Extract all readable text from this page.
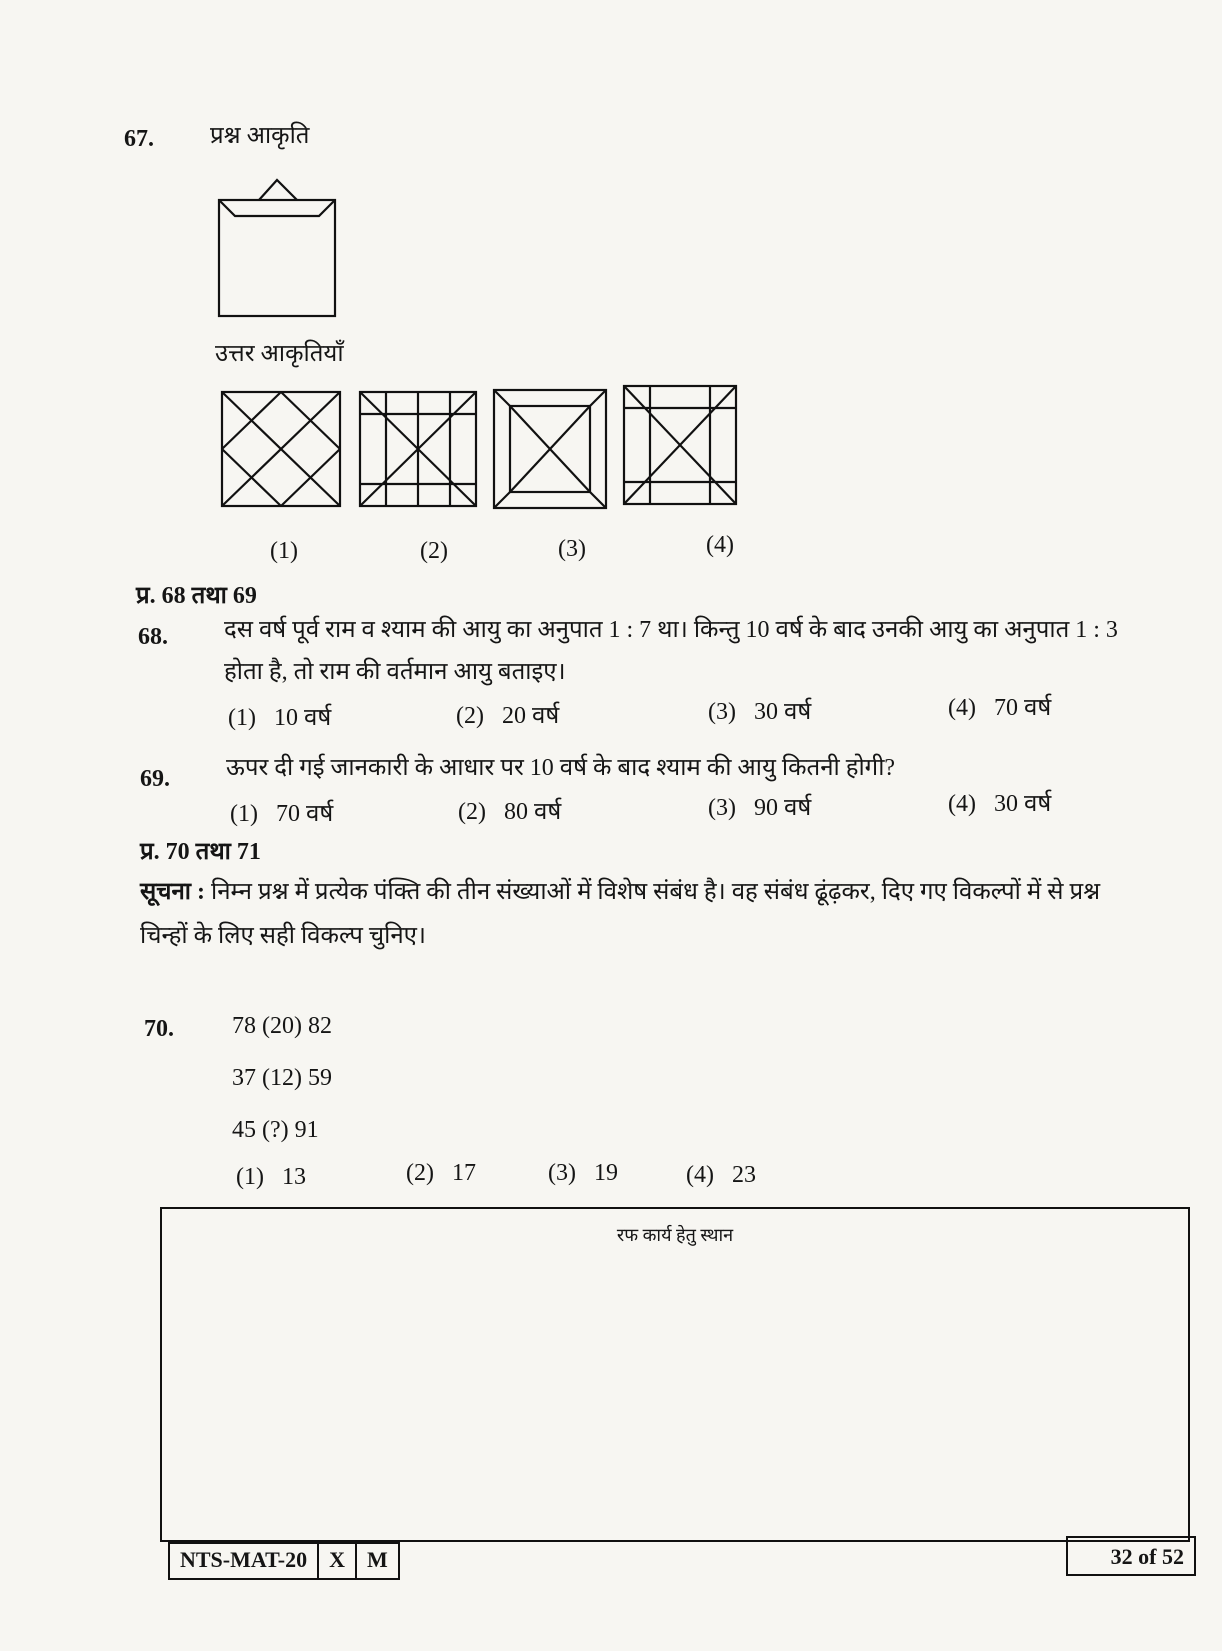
67. प्रश्न आकृति
उत्तर आकृतियाँ
(1)	(2)	(3)	(4)
प्र. 68 तथा 69
68. दस वर्ष पूर्व राम व श्याम की आयु का अनुपात 1 : 7 था। किन्तु 10 वर्ष के बाद उनकी आयु का अनुपात 1 : 3
होता है, तो राम की वर्तमान आयु बताइए।
(1) 10 वर्ष	(2) 20 वर्ष	(3) 30 वर्ष	(4) 70 वर्ष
69. ऊपर दी गई जानकारी के आधार पर 10 वर्ष के बाद श्याम की आयु कितनी होगी?
(1) 70 वर्ष	(2) 80 वर्ष	(3) 90 वर्ष	(4) 30 वर्ष
प्र. 70 तथा 71
सूचना : निम्न प्रश्न में प्रत्येक पंक्ति की तीन संख्याओं में विशेष संबंध है। वह संबंध ढूंढ़कर, दिए गए विकल्पों में से प्रश्न
चिन्हों के लिए सही विकल्प चुनिए।
70. 78 (20) 82
37 (12) 59
45 (?) 91
(1) 13	(2) 17	(3) 19	(4) 23
रफ कार्य हेतु स्थान
NTS-MAT-20	X	M	32 of 52
